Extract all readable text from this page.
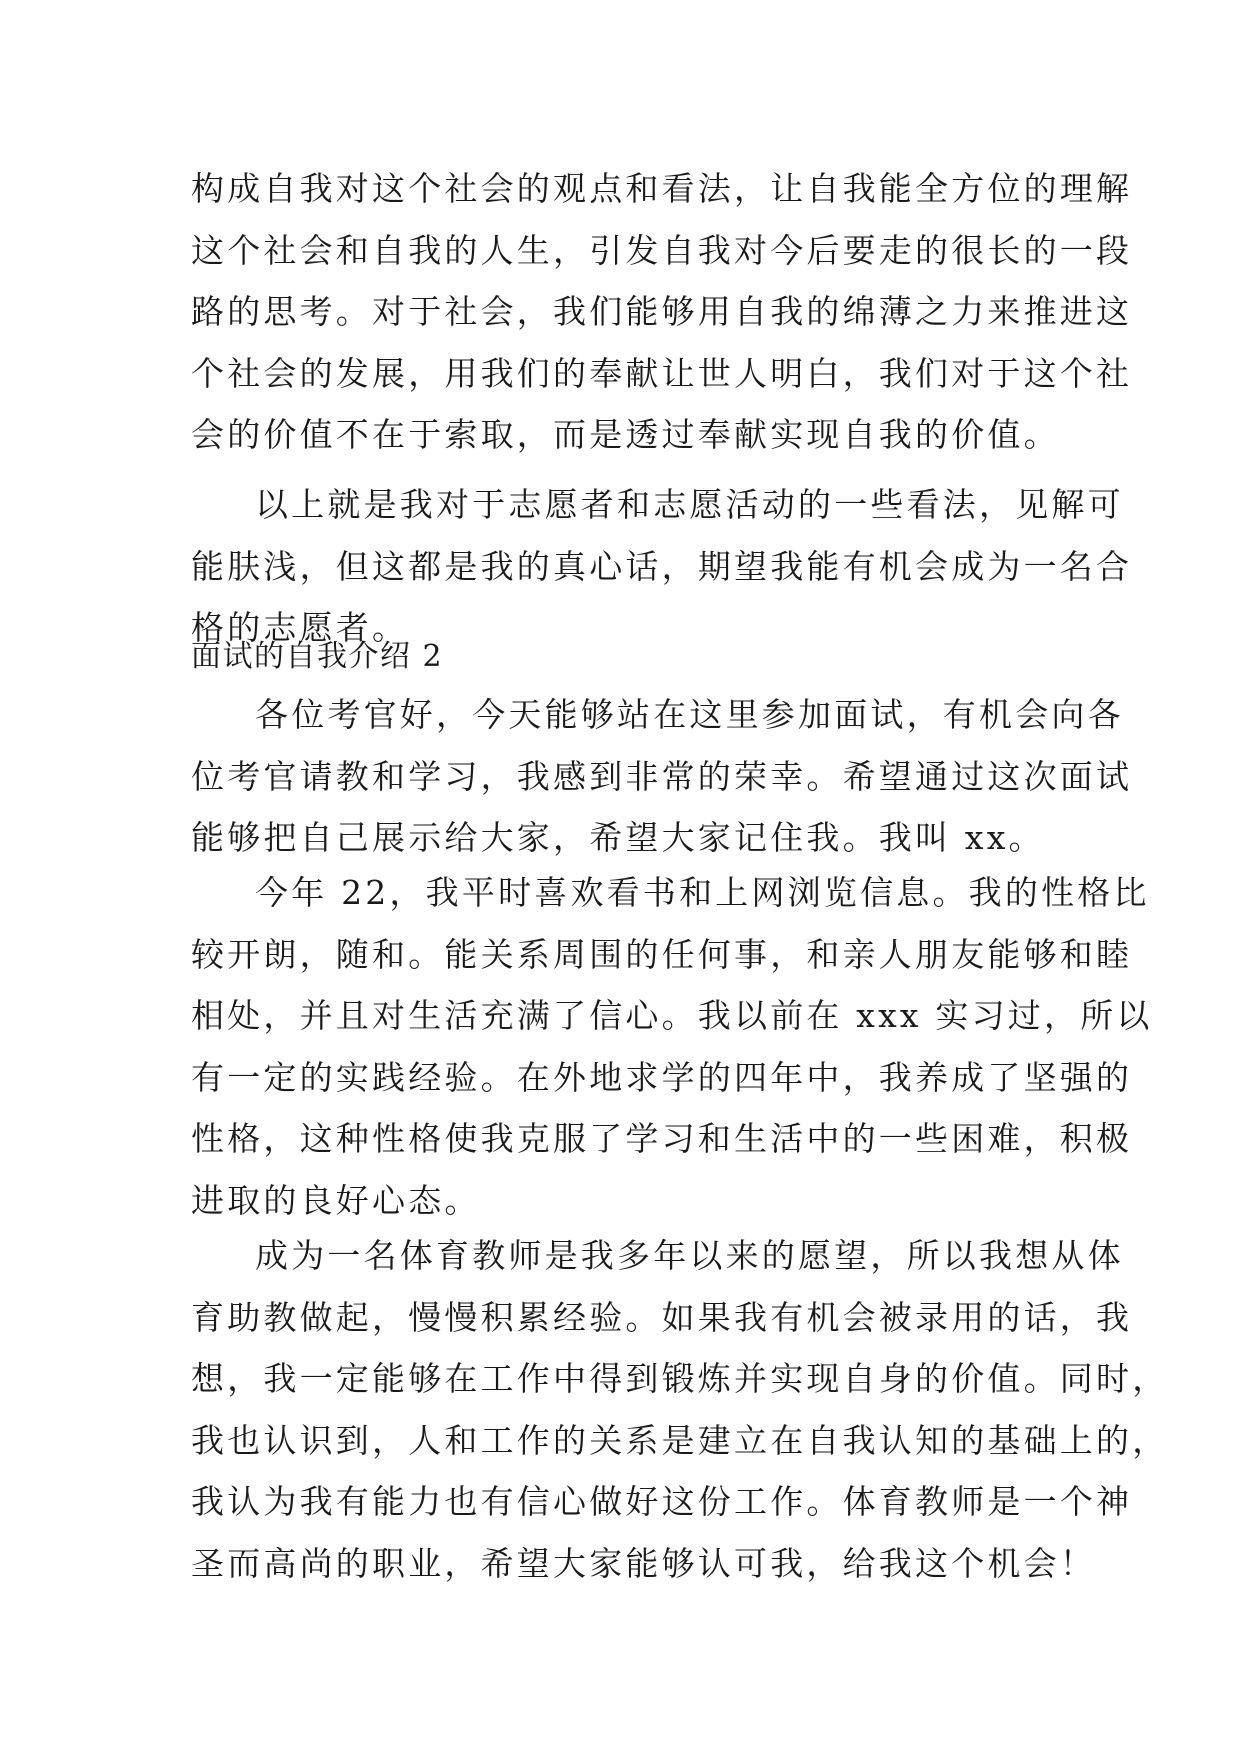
构成自我对这个社会的观点和看法，让自我能全方位的理解
这个社会和自我的人生，引发自我对今后要走的很长的一段
路的思考。对于社会，我们能够用自我的绵薄之力来推进这
个社会的发展，用我们的奉献让世人明白，我们对于这个社
会的价值不在于索取，而是透过奉献实现自我的价值。
以上就是我对于志愿者和志愿活动的一些看法，见解可
能肤浅，但这都是我的真心话，期望我能有机会成为一名合
格的志愿者。
面试的自我介绍 2
各位考官好，今天能够站在这里参加面试，有机会向各
位考官请教和学习，我感到非常的荣幸。希望通过这次面试
能够把自己展示给大家，希望大家记住我。我叫 xx。
今年 22，我平时喜欢看书和上网浏览信息。我的性格比
较开朗，随和。能关系周围的任何事，和亲人朋友能够和睦
相处，并且对生活充满了信心。我以前在 xxx 实习过，所以
有一定的实践经验。在外地求学的四年中，我养成了坚强的
性格，这种性格使我克服了学习和生活中的一些困难，积极
进取的良好心态。
成为一名体育教师是我多年以来的愿望，所以我想从体
育助教做起，慢慢积累经验。如果我有机会被录用的话，我
想，我一定能够在工作中得到锻炼并实现自身的价值。同时，
我也认识到，人和工作的关系是建立在自我认知的基础上的，
我认为我有能力也有信心做好这份工作。体育教师是一个神
圣而高尚的职业，希望大家能够认可我，给我这个机会！
